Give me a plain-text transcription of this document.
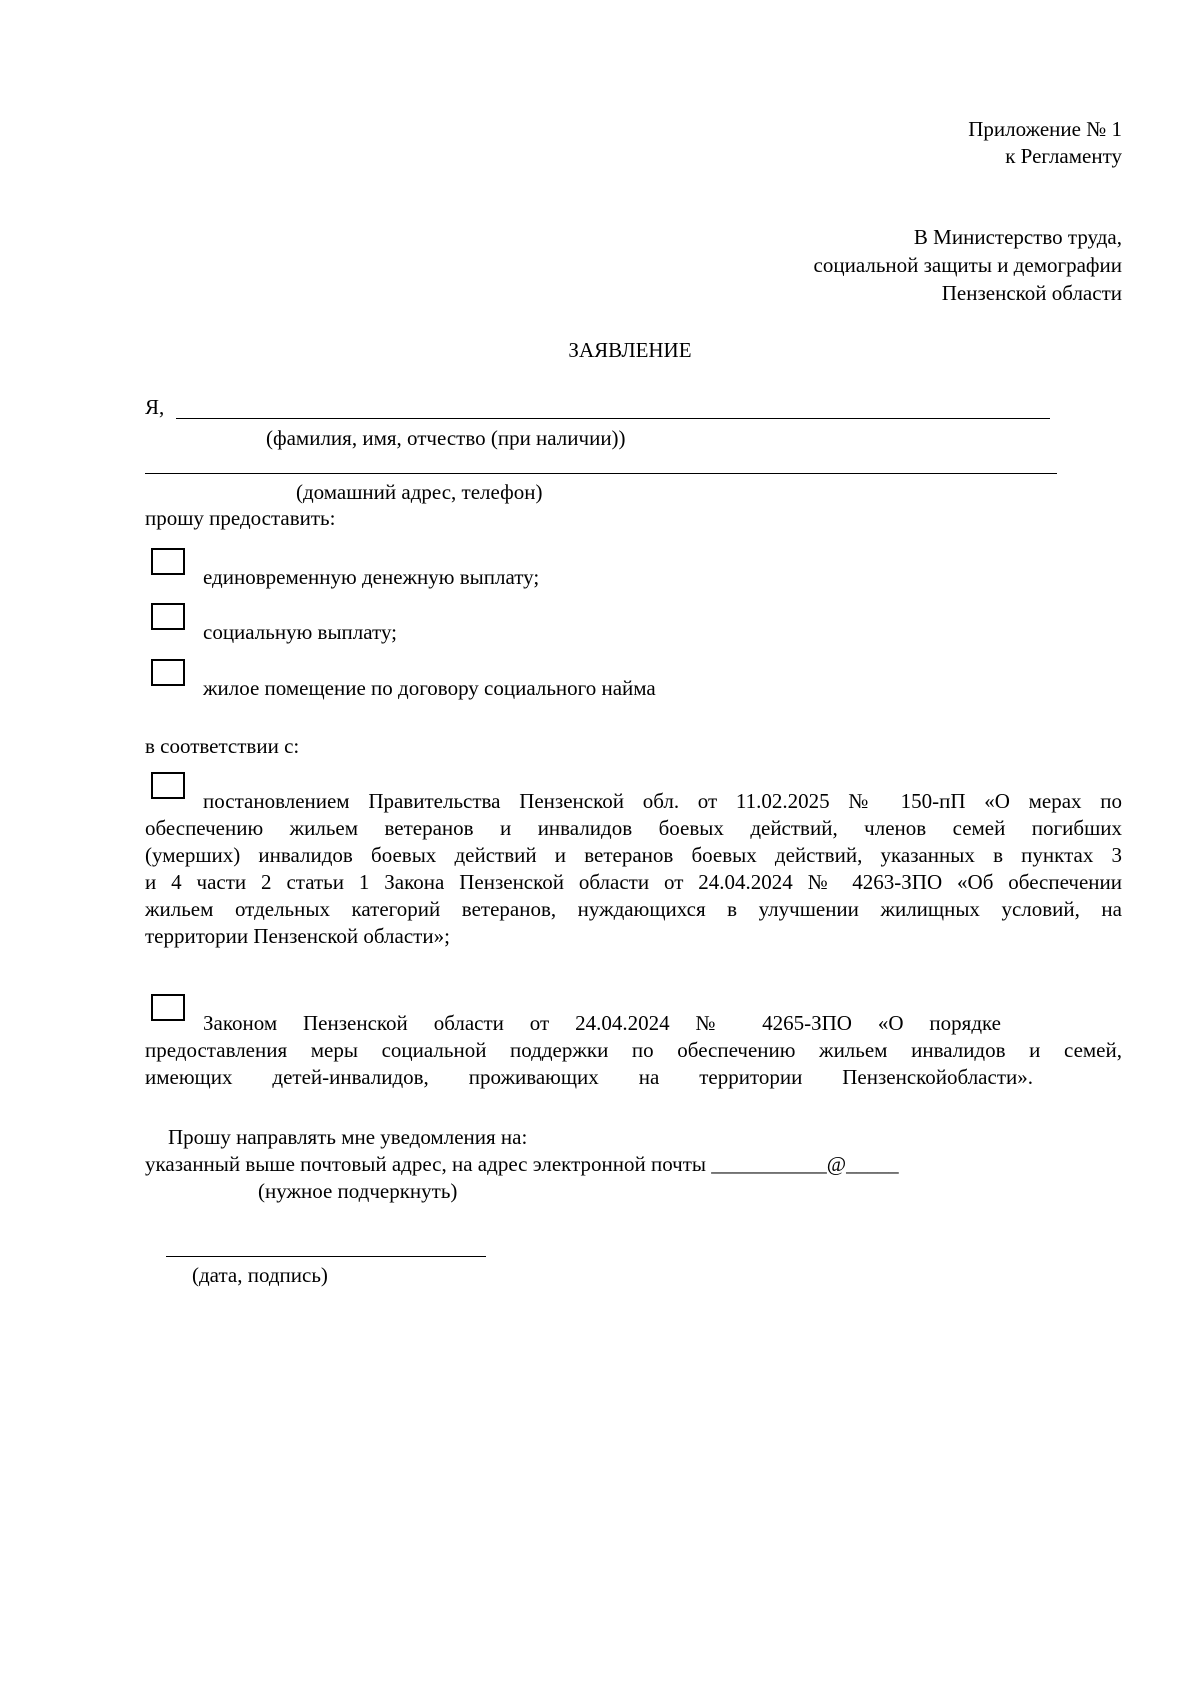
Приложение № 1
к Регламенту
В Министерство труда,
социальной защиты и демографии
Пензенской области
ЗАЯВЛЕНИЕ
Я,
(фамилия, имя, отчество (при наличии))
(домашний адрес, телефон)
прошу предоставить:
единовременную денежную выплату;
социальную выплату;
жилое помещение по договору социального найма
в соответствии с:
постановлением Правительства Пензенской обл. от 11.02.2025 № 150-пП «О мерах по
обеспечению жильем ветеранов и инвалидов боевых действий, членов семей погибших
(умерших) инвалидов боевых действий и ветеранов боевых действий, указанных в пунктах 3
и 4 части 2 статьи 1 Закона Пензенской области от 24.04.2024 № 4263-ЗПО «Об обеспечении
жильем отдельных категорий ветеранов, нуждающихся в улучшении жилищных условий, на
территории Пензенской области»;
Законом Пензенской области от 24.04.2024 № 4265-ЗПО «О порядке
предоставления меры социальной поддержки по обеспечению жильем инвалидов и семей,
имеющих детей-инвалидов, проживающих на территории Пензенскойобласти».
Прошу направлять мне уведомления на:
указанный выше почтовый адрес, на адрес электронной почты ___________@_____
(нужное подчеркнуть)
(дата, подпись)
